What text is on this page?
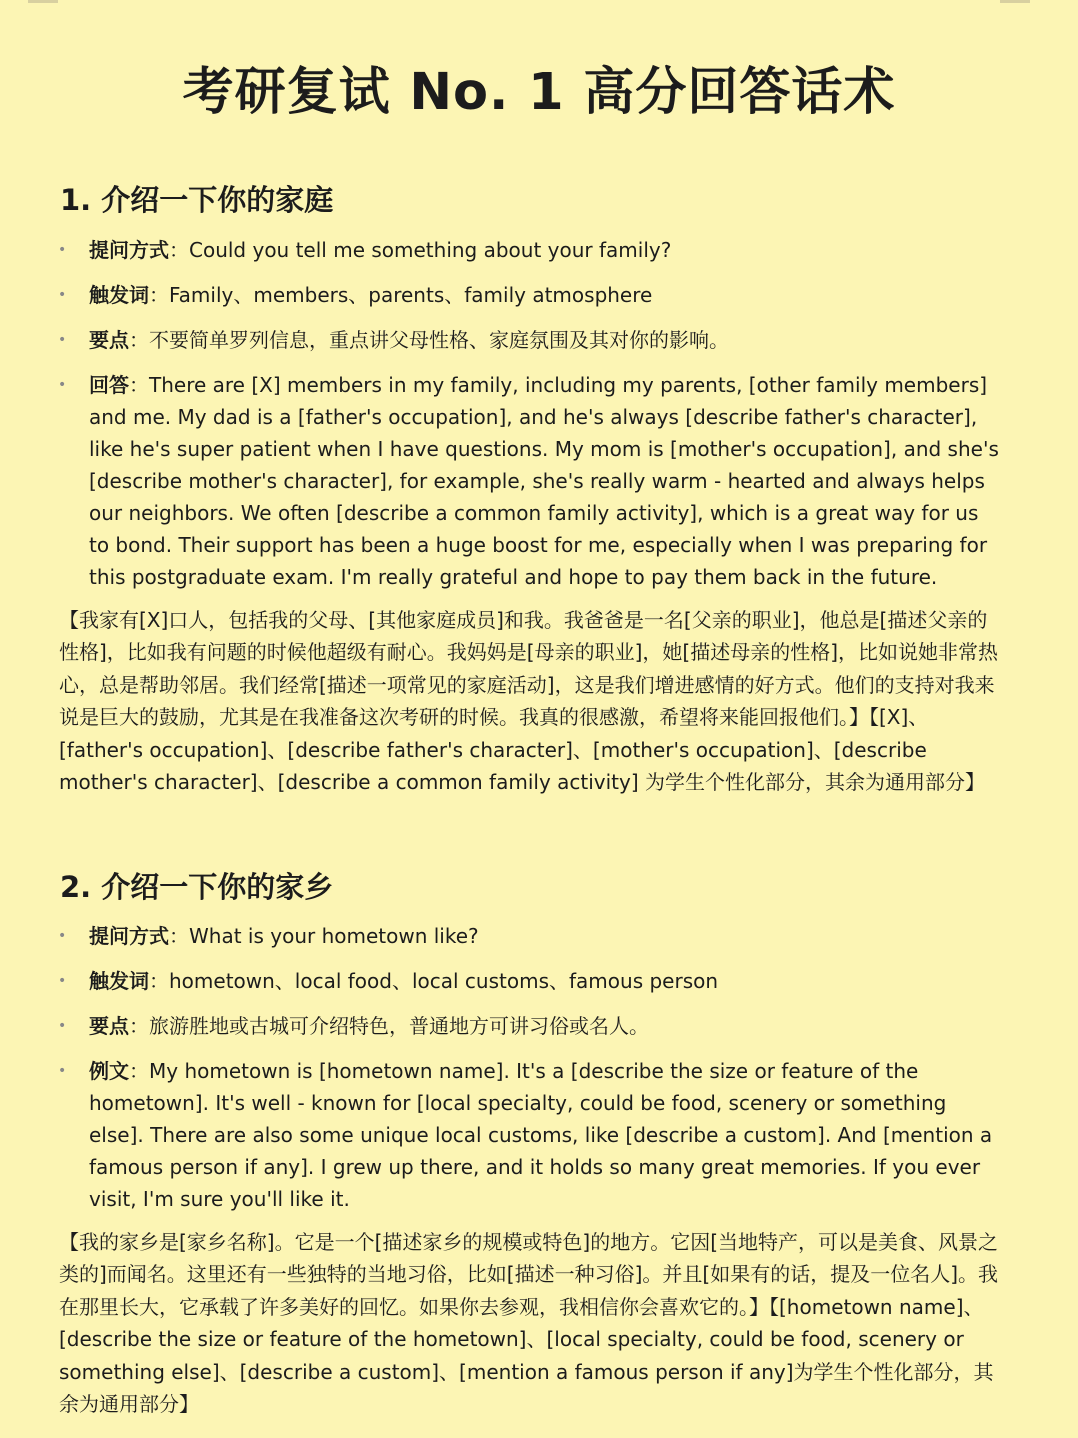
考研复试 No. 1 高分回答话术
1. 介绍一下你的家庭
• 提问方式：Could you tell me something about your family?
• 触发词：Family、members、parents、family atmosphere
• 要点：不要简单罗列信息，重点讲父母性格、家庭氛围及其对你的影响。
• 回答：There are [X] members in my family, including my parents, [other family members] and me. My dad is a [father's occupation], and he's always [describe father's character], like he's super patient when I have questions. My mom is [mother's occupation], and she's [describe mother's character], for example, she's really warm - hearted and always helps our neighbors. We often [describe a common family activity], which is a great way for us to bond. Their support has been a huge boost for me, especially when I was preparing for this postgraduate exam. I'm really grateful and hope to pay them back in the future.

【我家有[X]口人，包括我的父母、[其他家庭成员]和我。我爸爸是一名[父亲的职业]，他总是[描述父亲的性格]，比如我有问题的时候他超级有耐心。我妈妈是[母亲的职业]，她[描述母亲的性格]，比如说她非常热心，总是帮助邻居。我们经常[描述一项常见的家庭活动]，这是我们增进感情的好方式。他们的支持对我来说是巨大的鼓励，尤其是在我准备这次考研的时候。我真的很感激，希望将来能回报他们。】【[X]、[father's occupation]、[describe father's character]、[mother's occupation]、[describe mother's character]、[describe a common family activity] 为学生个性化部分，其余为通用部分】

2. 介绍一下你的家乡
• 提问方式：What is your hometown like?
• 触发词：hometown、local food、local customs、famous person
• 要点：旅游胜地或古城可介绍特色，普通地方可讲习俗或名人。
• 例文：My hometown is [hometown name]. It's a [describe the size or feature of the hometown]. It's well - known for [local specialty, could be food, scenery or something else]. There are also some unique local customs, like [describe a custom]. And [mention a famous person if any]. I grew up there, and it holds so many great memories. If you ever visit, I'm sure you'll like it.

【我的家乡是[家乡名称]。它是一个[描述家乡的规模或特色]的地方。它因[当地特产，可以是美食、风景之类的]而闻名。这里还有一些独特的当地习俗，比如[描述一种习俗]。并且[如果有的话，提及一位名人]。我在那里长大，它承载了许多美好的回忆。如果你去参观，我相信你会喜欢它的。】【[hometown name]、[describe the size or feature of the hometown]、[local specialty, could be food, scenery or something else]、[describe a custom]、[mention a famous person if any]为学生个性化部分，其余为通用部分】
